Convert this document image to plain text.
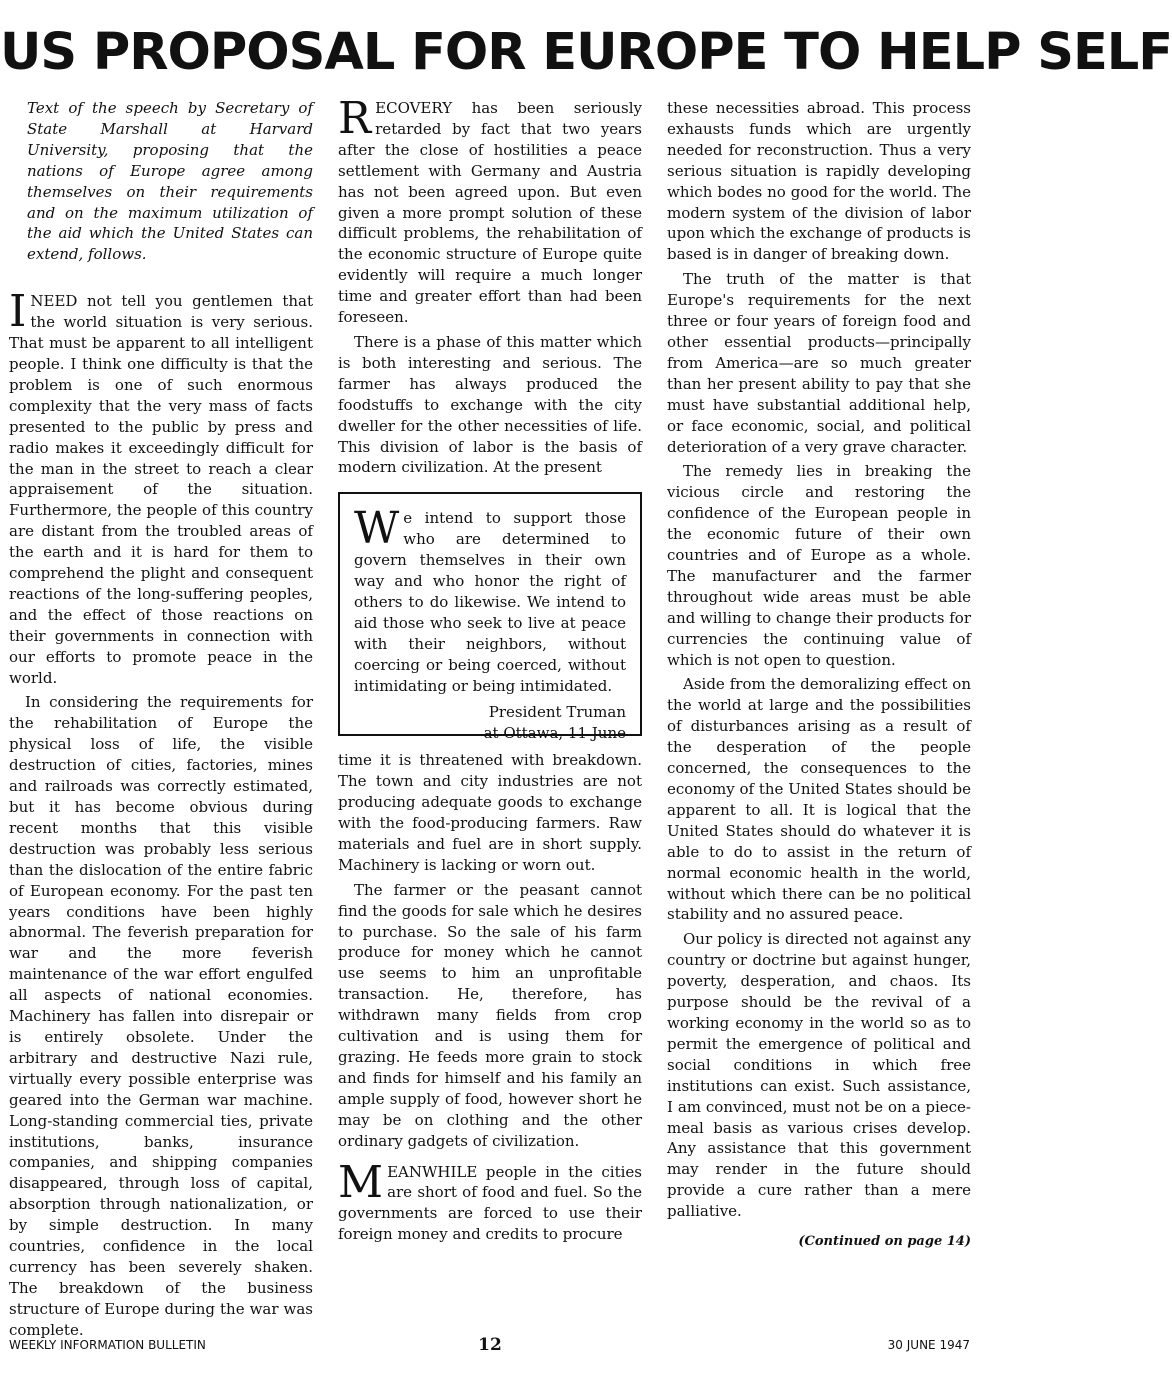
US PROPOSAL FOR EUROPE TO HELP SELF

Text of the speech by Secretary of State Marshall at Harvard University, proposing that the nations of Europe agree among themselves on their requirements and on the maximum utilization of the aid which the United States can extend, follows.

INEED not tell you gentlemen that the world situation is very serious. That must be apparent to all intelligent people. I think one difficulty is that the problem is one of such enormous complexity that the very mass of facts presented to the public by press and radio makes it exceedingly difficult for the man in the street to reach a clear appraisement of the situation. Furthermore, the people of this country are distant from the troubled areas of the earth and it is hard for them to comprehend the plight and consequent reactions of the long-suffering peoples, and the effect of those reactions on their governments in connection with our efforts to promote peace in the world.

In considering the requirements for the rehabilitation of Europe the physical loss of life, the visible destruction of cities, factories, mines and railroads was correctly estimated, but it has become obvious during recent months that this visible destruction was probably less serious than the dislocation of the entire fabric of European economy. For the past ten years conditions have been highly abnormal. The feverish preparation for war and the more feverish maintenance of the war effort engulfed all aspects of national economies. Machinery has fallen into disrepair or is entirely obsolete. Under the arbitrary and destructive Nazi rule, virtually every possible enterprise was geared into the German war machine. Long-standing commercial ties, private institutions, banks, insurance companies, and shipping companies disappeared, through loss of capital, absorption through nationalization, or by simple destruction. In many countries, confidence in the local currency has been severely shaken. The breakdown of the business structure of Europe during the war was complete.

RECOVERY has been seriously retarded by fact that two years after the close of hostilities a peace settlement with Germany and Austria has not been agreed upon. But even given a more prompt solution of these difficult problems, the rehabilitation of the economic structure of Europe quite evidently will require a much longer time and greater effort than had been foreseen.

There is a phase of this matter which is both interesting and serious. The farmer has always produced the foodstuffs to exchange with the city dweller for the other necessities of life. This division of labor is the basis of modern civilization. At the present

We intend to support those who are determined to govern themselves in their own way and who honor the right of others to do likewise. We intend to aid those who seek to live at peace with their neighbors, without coercing or being coerced, without intimidating or being intimidated.

President Truman
at Ottawa, 11 June

time it is threatened with breakdown. The town and city industries are not producing adequate goods to exchange with the food-producing farmers. Raw materials and fuel are in short supply. Machinery is lacking or worn out.

The farmer or the peasant cannot find the goods for sale which he desires to purchase. So the sale of his farm produce for money which he cannot use seems to him an unprofitable transaction. He, therefore, has withdrawn many fields from crop cultivation and is using them for grazing. He feeds more grain to stock and finds for himself and his family an ample supply of food, however short he may be on clothing and the other ordinary gadgets of civilization.

MEANWHILE people in the cities are short of food and fuel. So the governments are forced to use their foreign money and credits to procure

these necessities abroad. This process exhausts funds which are urgently needed for reconstruction. Thus a very serious situation is rapidly developing which bodes no good for the world. The modern system of the division of labor upon which the exchange of products is based is in danger of breaking down.

The truth of the matter is that Europe's requirements for the next three or four years of foreign food and other essential products—principally from America—are so much greater than her present ability to pay that she must have substantial additional help, or face economic, social, and political deterioration of a very grave character.

The remedy lies in breaking the vicious circle and restoring the confidence of the European people in the economic future of their own countries and of Europe as a whole. The manufacturer and the farmer throughout wide areas must be able and willing to change their products for currencies the continuing value of which is not open to question.

Aside from the demoralizing effect on the world at large and the possibilities of disturbances arising as a result of the desperation of the people concerned, the consequences to the economy of the United States should be apparent to all. It is logical that the United States should do whatever it is able to do to assist in the return of normal economic health in the world, without which there can be no political stability and no assured peace.

Our policy is directed not against any country or doctrine but against hunger, poverty, desperation, and chaos. Its purpose should be the revival of a working economy in the world so as to permit the emergence of political and social conditions in which free institutions can exist. Such assistance, I am convinced, must not be on a piece-meal basis as various crises develop. Any assistance that this government may render in the future should provide a cure rather than a mere palliative.

(Continued on page 14)
WEEKLY INFORMATION BULLETIN	12	30 JUNE 1947
